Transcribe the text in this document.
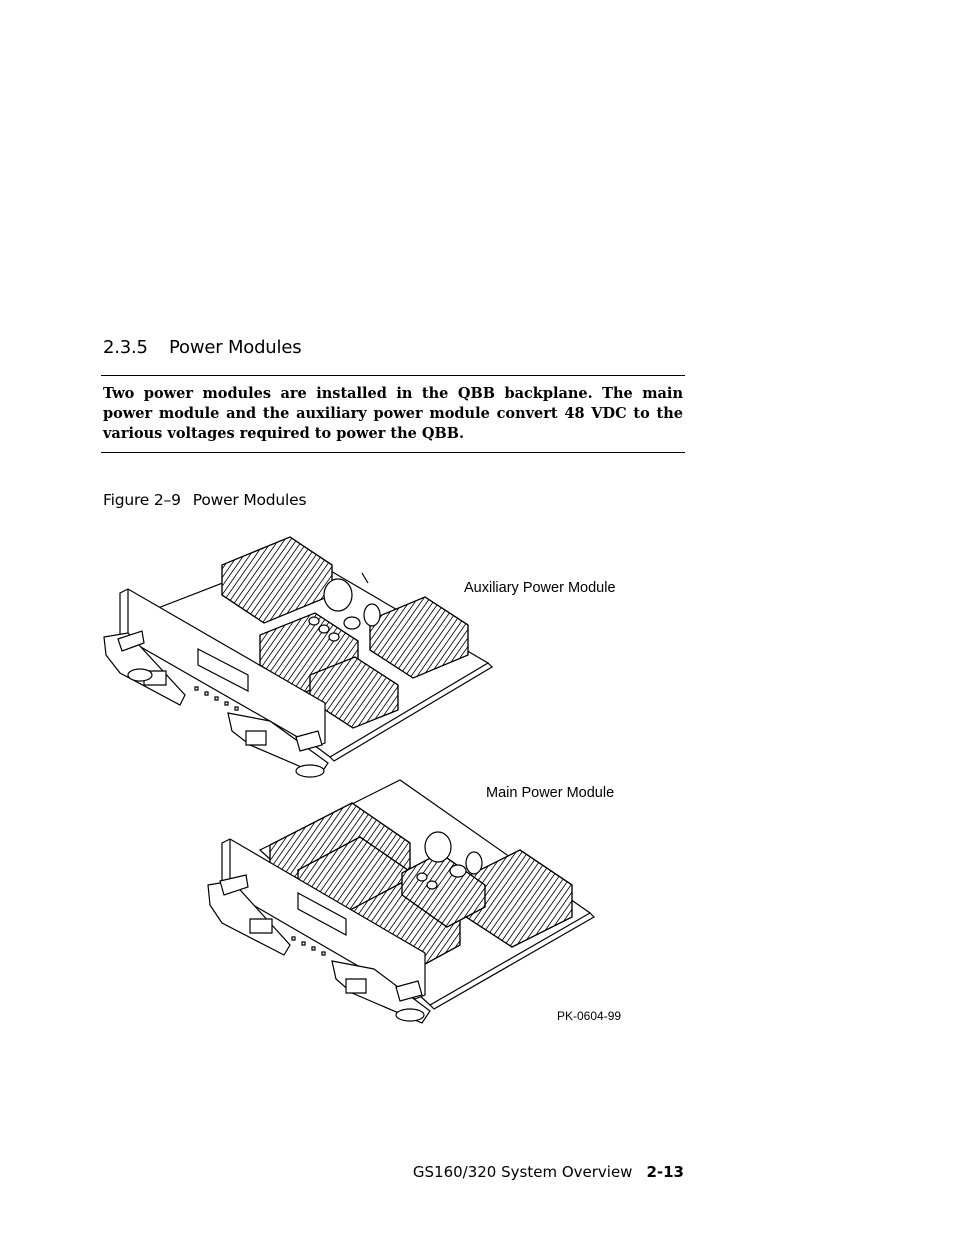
2.3.5 Power Modules
Two power modules are installed in the QBB backplane. The main power module and the auxiliary power module convert 48 VDC to the various voltages required to power the QBB.
Figure 2–9 Power Modules
Auxiliary Power Module
Main Power Module
PK-0604-99
GS160/320 System Overview 2-13
